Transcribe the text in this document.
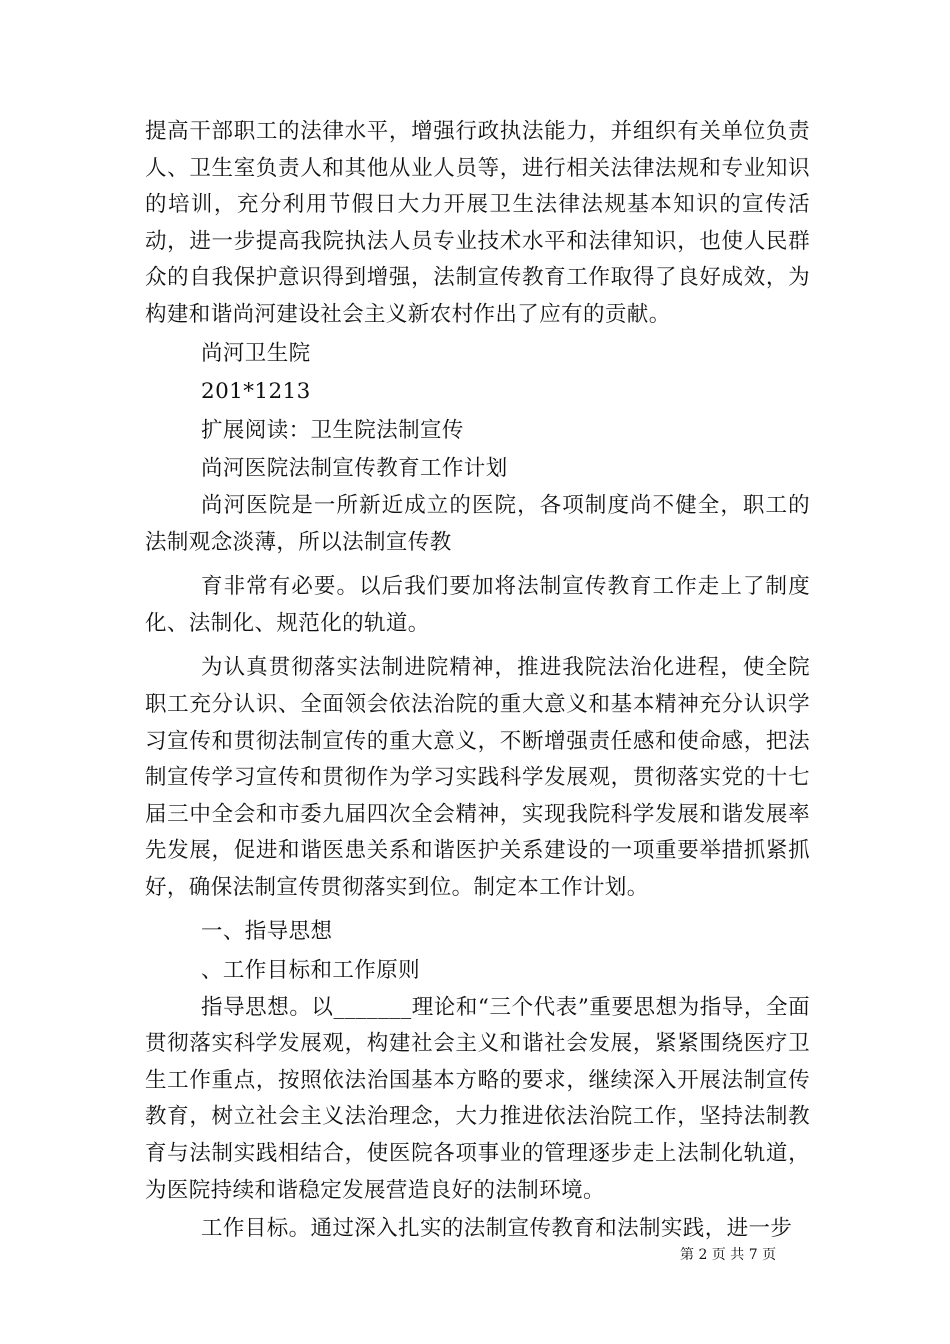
提高干部职工的法律水平，增强行政执法能力，并组织有关单位负责人、卫生室负责人和其他从业人员等，进行相关法律法规和专业知识的培训，充分利用节假日大力开展卫生法律法规基本知识的宣传活动，进一步提高我院执法人员专业技术水平和法律知识，也使人民群众的自我保护意识得到增强，法制宣传教育工作取得了良好成效，为构建和谐尚河建设社会主义新农村作出了应有的贡献。

尚河卫生院

201*1213

扩展阅读：卫生院法制宣传

尚河医院法制宣传教育工作计划

尚河医院是一所新近成立的医院，各项制度尚不健全，职工的法制观念淡薄，所以法制宣传教

育非常有必要。以后我们要加将法制宣传教育工作走上了制度化、法制化、规范化的轨道。

为认真贯彻落实法制进院精神，推进我院法治化进程，使全院职工充分认识、全面领会依法治院的重大意义和基本精神充分认识学习宣传和贯彻法制宣传的重大意义，不断增强责任感和使命感，把法制宣传学习宣传和贯彻作为学习实践科学发展观，贯彻落实党的十七届三中全会和市委九届四次全会精神，实现我院科学发展和谐发展率先发展，促进和谐医患关系和谐医护关系建设的一项重要举措抓紧抓好，确保法制宣传贯彻落实到位。制定本工作计划。

一、指导思想

、工作目标和工作原则

指导思想。以_______理论和“三个代表”重要思想为指导，全面贯彻落实科学发展观，构建社会主义和谐社会发展，紧紧围绕医疗卫生工作重点，按照依法治国基本方略的要求，继续深入开展法制宣传教育，树立社会主义法治理念，大力推进依法治院工作，坚持法制教育与法制实践相结合，使医院各项事业的管理逐步走上法制化轨道，为医院持续和谐稳定发展营造良好的法制环境。

工作目标。通过深入扎实的法制宣传教育和法制实践，进一步

第 2 页 共 7 页
